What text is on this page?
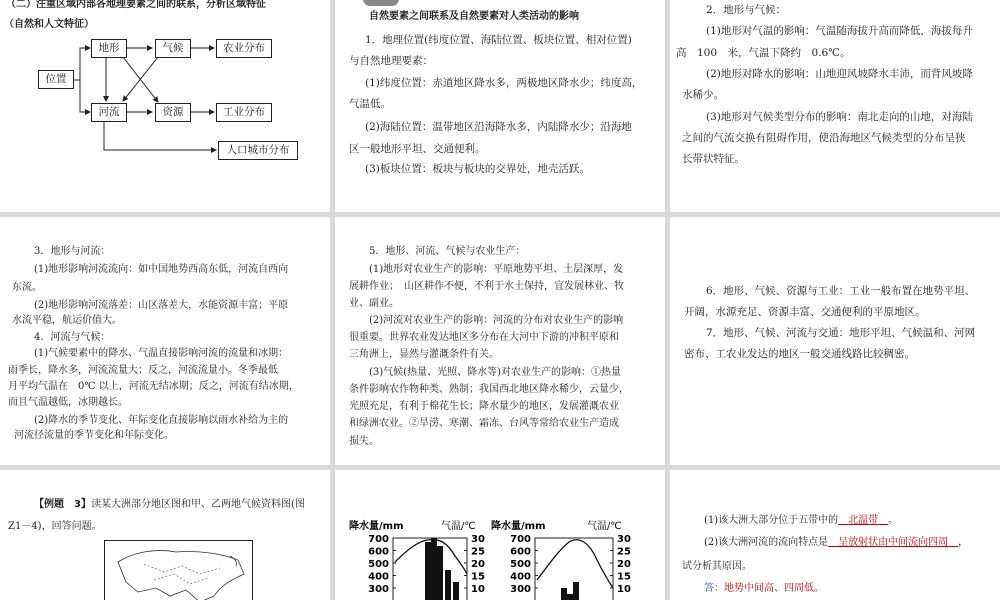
（二）注重区域内部各地理要素之间的联系，分析区域特征
（自然和人文特征）
位置
地形	气候	农业分布
河流	资源	工业分布
人口城市分布
自然要素之间联系及自然要素对人类活动的影响
1．地理位置(纬度位置、海陆位置、板块位置、相对位置)
与自然地理要素：
(1)纬度位置：赤道地区降水多，两极地区降水少；纬度高，
气温低。
(2)海陆位置：温带地区沿海降水多，内陆降水少；沿海地
区一般地形平坦、交通便利。
(3)板块位置：板块与板块的交界处，地壳活跃。
2．地形与气候：
(1)地形对气温的影响：气温随海拔升高而降低，海拔每升
高　100　米，气温下降约　0.6℃。
(2)地形对降水的影响：山地迎风坡降水丰沛，而背风坡降
水稀少。
(3)地形对气候类型分布的影响：南北走向的山地，对海陆
之间的气流交换有阻碍作用，使沿海地区气候类型的分布呈狭
长带状特征。
3．地形与河流：
(1)地形影响河流流向：如中国地势西高东低，河流自西向
东流。
(2)地形影响河流落差：山区落差大，水能资源丰富；平原
水流平稳，航运价值大。
4．河流与气候：
(1)气候要素中的降水、气温直接影响河流的流量和冰期：
雨季长，降水多，河流流量大；反之，河流流量小。冬季最低
月平均气温在　0℃ 以上，河流无结冰期；反之，河流有结冰期，
而且气温越低，冰期越长。
(2)降水的季节变化、年际变化直接影响以雨水补给为主的
河流径流量的季节变化和年际变化。
5．地形、河流、气候与农业生产：
(1)地形对农业生产的影响：平原地势平坦、土层深厚，发
展耕作业；　山区耕作不便，不利于水土保持，宜发展林业、牧
业、副业。
(2)河流对农业生产的影响：河流的分布对农业生产的影响
很重要。世界农业发达地区多分布在大河中下游的冲积平原和
三角洲上，显然与灌溉条件有关。
(3)气候(热量、光照、降水等)对农业生产的影响：①热量
条件影响农作物种类、熟制；我国西北地区降水稀少，云量少，
光照充足，有利于棉花生长；降水量少的地区，发展灌溉农业
和绿洲农业。②旱涝、寒潮、霜冻、台风等常给农业生产造成
损失。
6．地形、气候、资源与工业：工业一般布置在地势平坦、
开阔，水源充足、资源丰富、交通便利的平原地区。
7．地形、气候、河流与交通：地形平坦、气候温和、河网
密布、工农业发达的地区一般交通线路比较稠密。
【例题　3】读某大洲部分地区图和甲、乙两地气候资料图(图
Z1－4)，回答问题。	降水量/mm	气温/℃
700
600
500
400
300
30
25
20
15
10
降水量/mm	气温/℃
700
600
500
400
300
30
25
20
15
10
(1)该大洲大部分位于五带中的　 北温带　 。
(2)该大洲河流的流向特点是　 呈放射状由中间流向四周　 ，
试分析其原因。
答：地势中间高、四周低。
